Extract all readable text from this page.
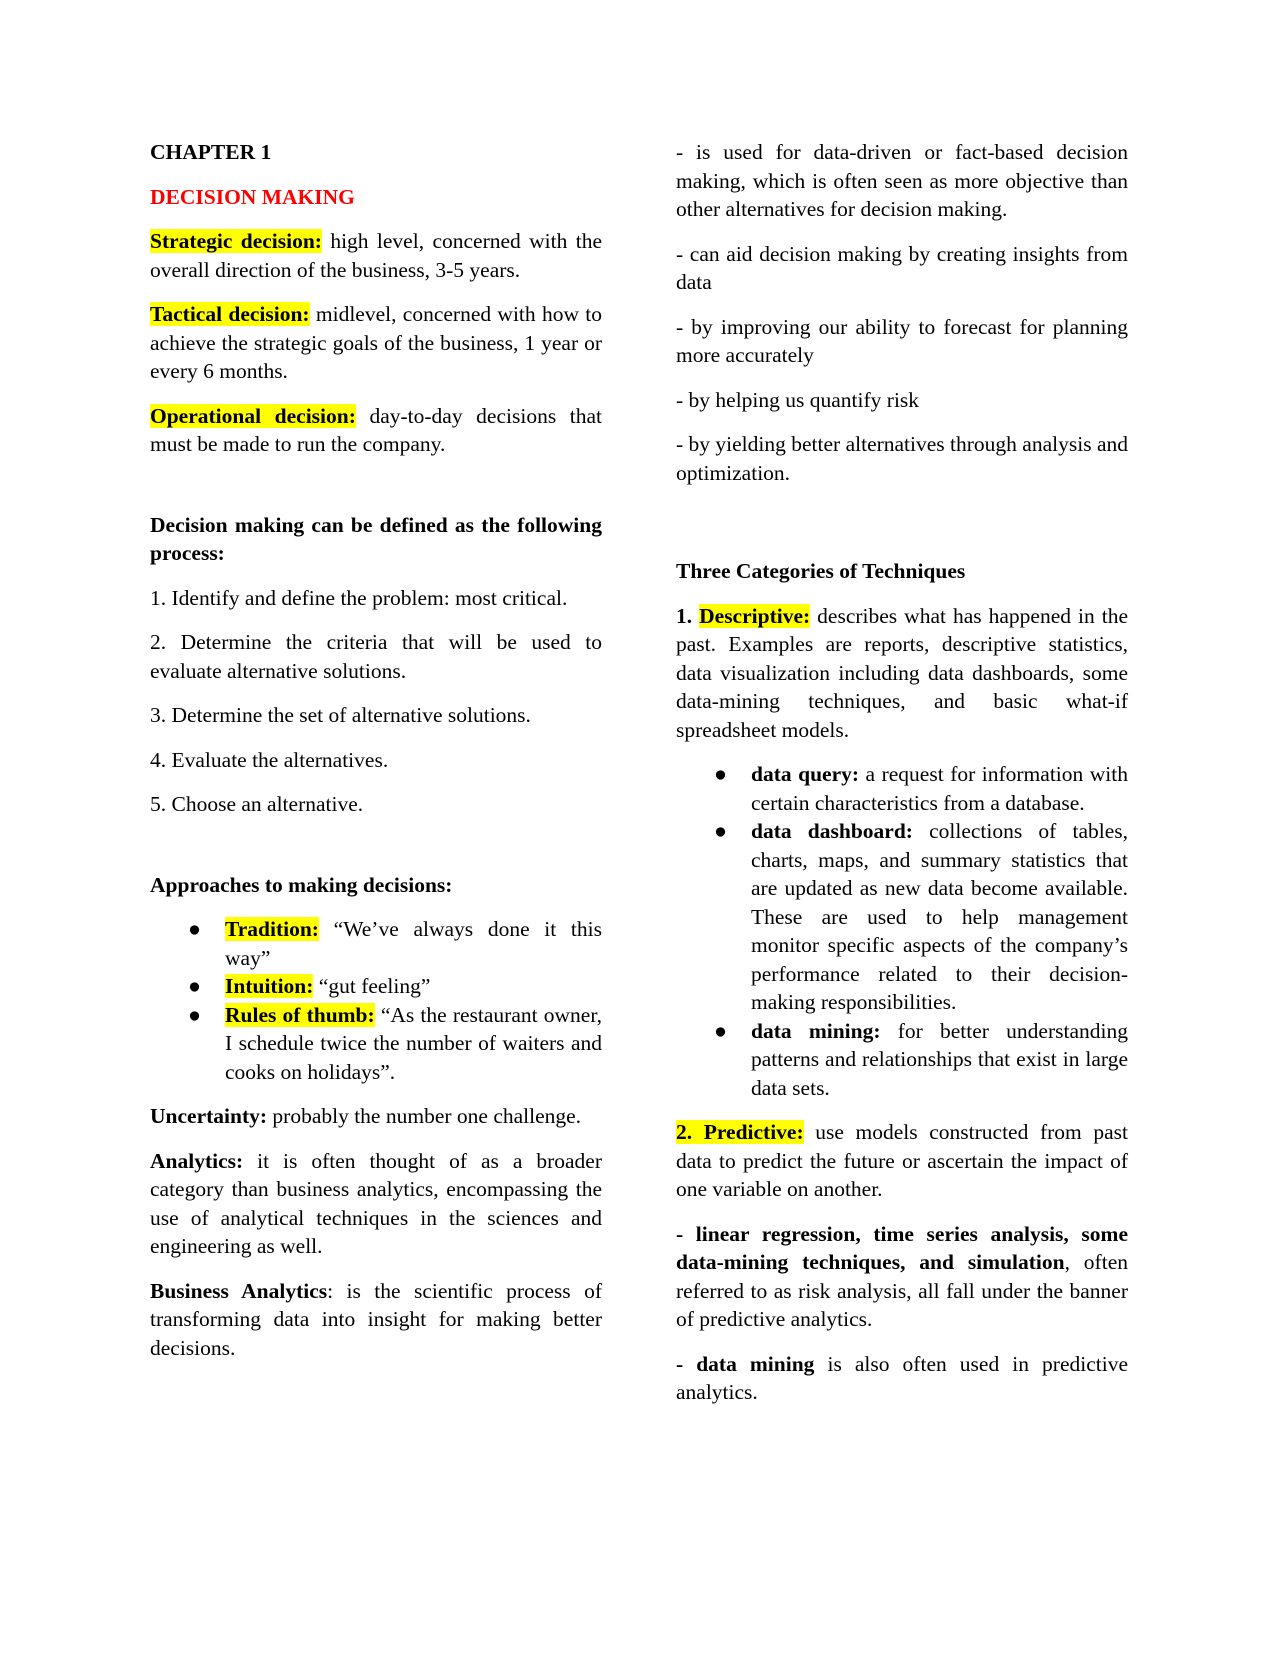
CHAPTER 1

DECISION MAKING

Strategic decision: high level, concerned with the overall direction of the business, 3-5 years.

Tactical decision: midlevel, concerned with how to achieve the strategic goals of the business, 1 year or every 6 months.

Operational decision: day-to-day decisions that must be made to run the company.

Decision making can be defined as the following process:

1. Identify and define the problem: most critical.

2. Determine the criteria that will be used to evaluate alternative solutions.

3. Determine the set of alternative solutions.

4. Evaluate the alternatives.

5. Choose an alternative.

Approaches to making decisions:

● Tradition: “We’ve always done it this way”
● Intuition: “gut feeling”
● Rules of thumb: “As the restaurant owner, I schedule twice the number of waiters and cooks on holidays”.

Uncertainty: probably the number one challenge.

Analytics: it is often thought of as a broader category than business analytics, encompassing the use of analytical techniques in the sciences and engineering as well.

Business Analytics: is the scientific process of transforming data into insight for making better decisions.

- is used for data-driven or fact-based decision making, which is often seen as more objective than other alternatives for decision making.

- can aid decision making by creating insights from data

- by improving our ability to forecast for planning more accurately

- by helping us quantify risk

- by yielding better alternatives through analysis and optimization.

Three Categories of Techniques

1. Descriptive: describes what has happened in the past. Examples are reports, descriptive statistics, data visualization including data dashboards, some data-mining techniques, and basic what-if spreadsheet models.

● data query: a request for information with certain characteristics from a database.
● data dashboard: collections of tables, charts, maps, and summary statistics that are updated as new data become available. These are used to help management monitor specific aspects of the company’s performance related to their decision-making responsibilities.
● data mining: for better understanding patterns and relationships that exist in large data sets.

2. Predictive: use models constructed from past data to predict the future or ascertain the impact of one variable on another.

- linear regression, time series analysis, some data-mining techniques, and simulation, often referred to as risk analysis, all fall under the banner of predictive analytics.

- data mining is also often used in predictive analytics.
